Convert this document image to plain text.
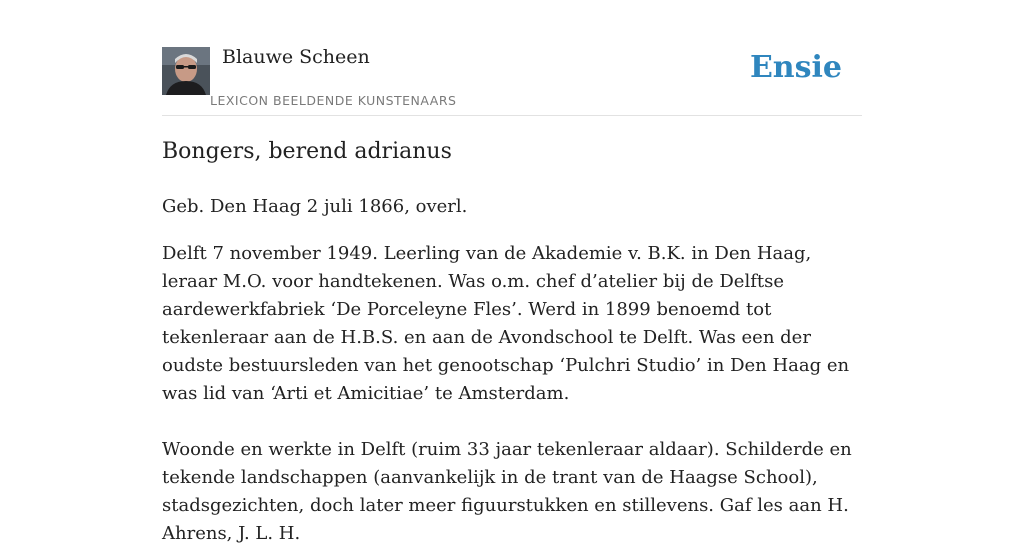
Blauwe Scheen
LEXICON BEELDENDE KUNSTENAARS
Ensie
Bongers, berend adrianus

Geb. Den Haag 2 juli 1866, overl.

Delft 7 november 1949. Leerling van de Akademie v. B.K. in Den Haag, leraar M.O. voor handtekenen. Was o.m. chef d’atelier bij de Delftse aardewerkfabriek ‘De Porceleyne Fles’. Werd in 1899 benoemd tot tekenleraar aan de H.B.S. en aan de Avondschool te Delft. Was een der oudste bestuursleden van het genootschap ‘Pulchri Studio’ in Den Haag en was lid van ‘Arti et Amicitiae’ te Amsterdam.

Woonde en werkte in Delft (ruim 33 jaar tekenleraar aldaar). Schilderde en tekende landschappen (aanvankelijk in de trant van de Haagse School), stadsgezichten, doch later meer figuurstukken en stillevens. Gaf les aan H. Ahrens, J. L. H.
